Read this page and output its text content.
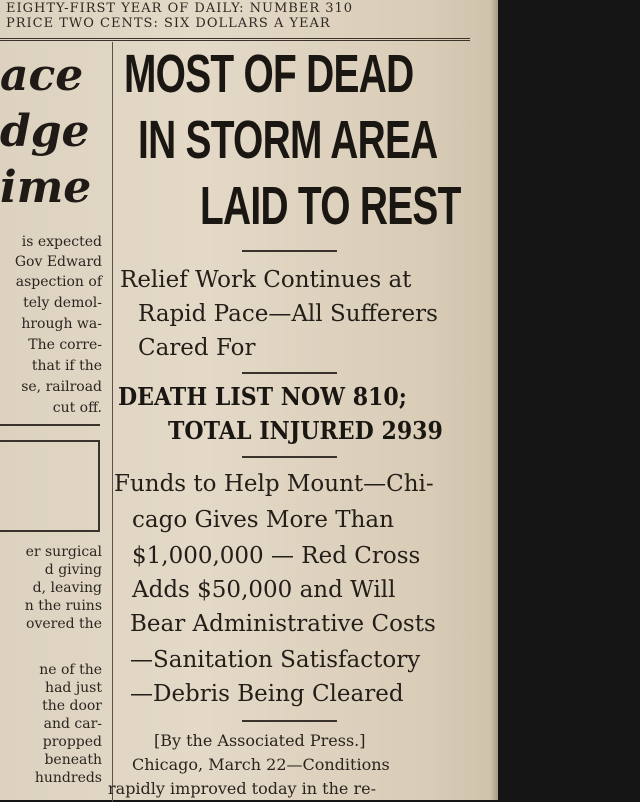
EIGHTY-FIRST YEAR OF DAILY: NUMBER 310
PRICE TWO CENTS: SIX DOLLARS A YEAR
ace
dge
ime
is expected
Gov Edward
aspection of
tely demol-
hrough wa-
The corre-
that if the
se, railroad
cut off.
er surgical
d giving
d, leaving
n the ruins
overed the
ne of the
had just
the door
and car-
propped
beneath
hundreds
MOST OF DEAD
IN STORM AREA
LAID TO REST
Relief Work Continues at
Rapid Pace—All Sufferers
Cared For
DEATH LIST NOW 810;
TOTAL INJURED 2939
Funds to Help Mount—Chi-
cago Gives More Than
$1,000,000 — Red Cross
Adds $50,000 and Will
Bear Administrative Costs
—Sanitation Satisfactory
—Debris Being Cleared
[By the Associated Press.]
Chicago, March 22—Conditions
rapidly improved today in the re-
